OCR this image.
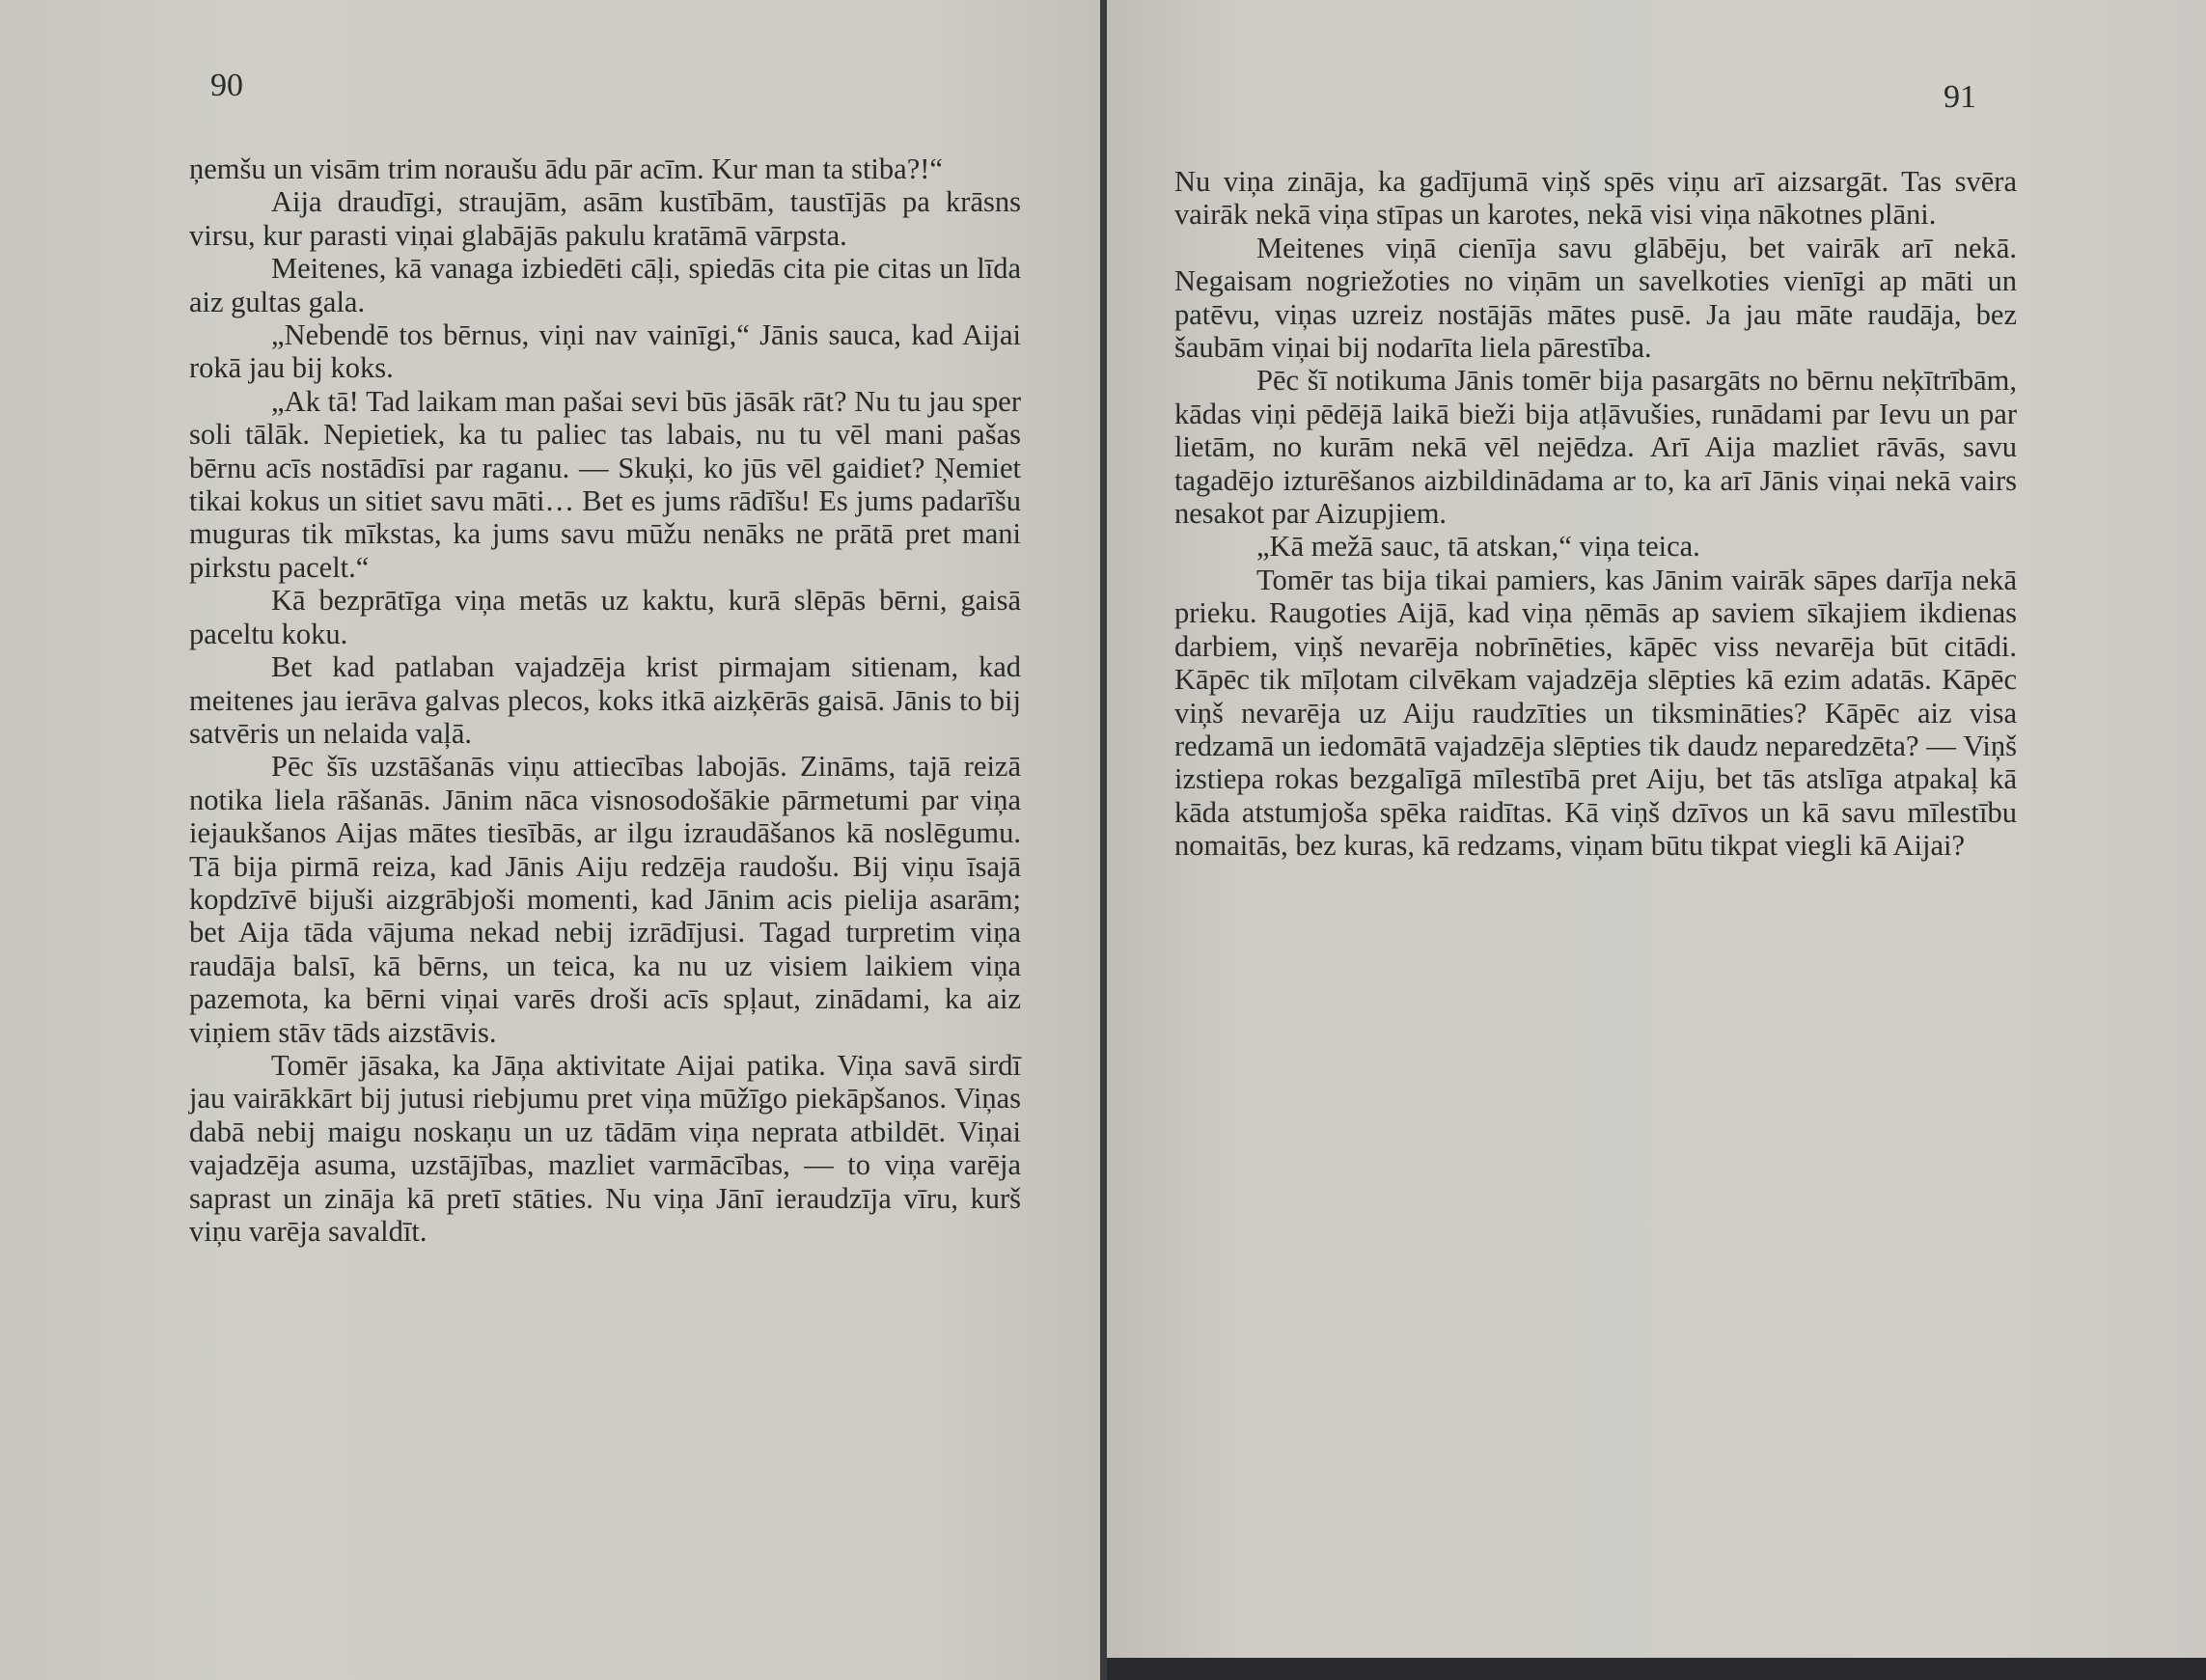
90

ņemšu un visām trim noraušu ādu pār acīm. Kur man ta stiba?!“

Aija draudīgi, straujām, asām kustībām, taustījās pa krāsns virsu, kur parasti viņai glabājās pakulu kratāmā vārpsta.

Meitenes, kā vanaga izbiedēti cāļi, spiedās cita pie citas un līda aiz gultas gala.

„Nebendē tos bērnus, viņi nav vainīgi,“ Jānis sauca, kad Aijai rokā jau bij koks.

„Ak tā! Tad laikam man pašai sevi būs jāsāk rāt? Nu tu jau sper soli tālāk. Nepietiek, ka tu paliec tas labais, nu tu vēl mani pašas bērnu acīs nostādīsi par raganu. — Skuķi, ko jūs vēl gaidiet? Ņemiet tikai kokus un sitiet savu māti… Bet es jums rādīšu! Es jums padarīšu muguras tik mīkstas, ka jums savu mūžu nenāks ne prātā pret mani pirkstu pacelt.“

Kā bezprātīga viņa metās uz kaktu, kurā slēpās bērni, gaisā paceltu koku.

Bet kad patlaban vajadzēja krist pirmajam sitienam, kad meitenes jau ierāva galvas plecos, koks itkā aizķērās gaisā. Jānis to bij satvēris un nelaida vaļā.

Pēc šīs uzstāšanās viņu attiecības labojās. Zināms, tajā reizā notika liela rāšanās. Jānim nāca visnosodošākie pārmetumi par viņa iejaukšanos Aijas mātes tiesībās, ar ilgu izraudāšanos kā noslēgumu. Tā bija pirmā reiza, kad Jānis Aiju redzēja raudošu. Bij viņu īsajā kopdzīvē bijuši aizgrābjoši momenti, kad Jānim acis pielija asarām; bet Aija tāda vājuma nekad nebij izrādījusi. Tagad turpretim viņa raudāja balsī, kā bērns, un teica, ka nu uz visiem laikiem viņa pazemota, ka bērni viņai varēs droši acīs spļaut, zinādami, ka aiz viņiem stāv tāds aizstāvis.

Tomēr jāsaka, ka Jāņa aktivitate Aijai patika. Viņa savā sirdī jau vairākkārt bij jutusi riebjumu pret viņa mūžīgo piekāpšanos. Viņas dabā nebij maigu noskaņu un uz tādām viņa neprata atbildēt. Viņai vajadzēja asuma, uzstājības, mazliet varmācības, — to viņa varēja saprast un zināja kā pretī stāties. Nu viņa Jānī ieraudzīja vīru, kurš viņu varēja savaldīt.

91

Nu viņa zināja, ka gadījumā viņš spēs viņu arī aizsargāt. Tas svēra vairāk nekā viņa stīpas un karotes, nekā visi viņa nākotnes plāni.

Meitenes viņā cienīja savu glābēju, bet vairāk arī nekā. Negaisam nogriežoties no viņām un savelkoties vienīgi ap māti un patēvu, viņas uzreiz nostājās mātes pusē. Ja jau māte raudāja, bez šaubām viņai bij nodarīta liela pārestība.

Pēc šī notikuma Jānis tomēr bija pasargāts no bērnu neķītrībām, kādas viņi pēdējā laikā bieži bija atļāvušies, runādami par Ievu un par lietām, no kurām nekā vēl nejēdza. Arī Aija mazliet rāvās, savu tagadējo izturēšanos aizbildinādama ar to, ka arī Jānis viņai nekā vairs nesakot par Aizupjiem.

„Kā mežā sauc, tā atskan,“ viņa teica.

Tomēr tas bija tikai pamiers, kas Jānim vairāk sāpes darīja nekā prieku. Raugoties Aijā, kad viņa ņēmās ap saviem sīkajiem ikdienas darbiem, viņš nevarēja nobrīnēties, kāpēc viss nevarēja būt citādi. Kāpēc tik mīļotam cilvēkam vajadzēja slēpties kā ezim adatās. Kāpēc viņš nevarēja uz Aiju raudzīties un tiksmināties? Kāpēc aiz visa redzamā un iedomātā vajadzēja slēpties tik daudz neparedzēta? — Viņš izstiepa rokas bezgalīgā mīlestībā pret Aiju, bet tās atslīga atpakaļ kā kāda atstumjoša spēka raidītas. Kā viņš dzīvos un kā savu mīlestību nomaitās, bez kuras, kā redzams, viņam būtu tikpat viegli kā Aijai?
